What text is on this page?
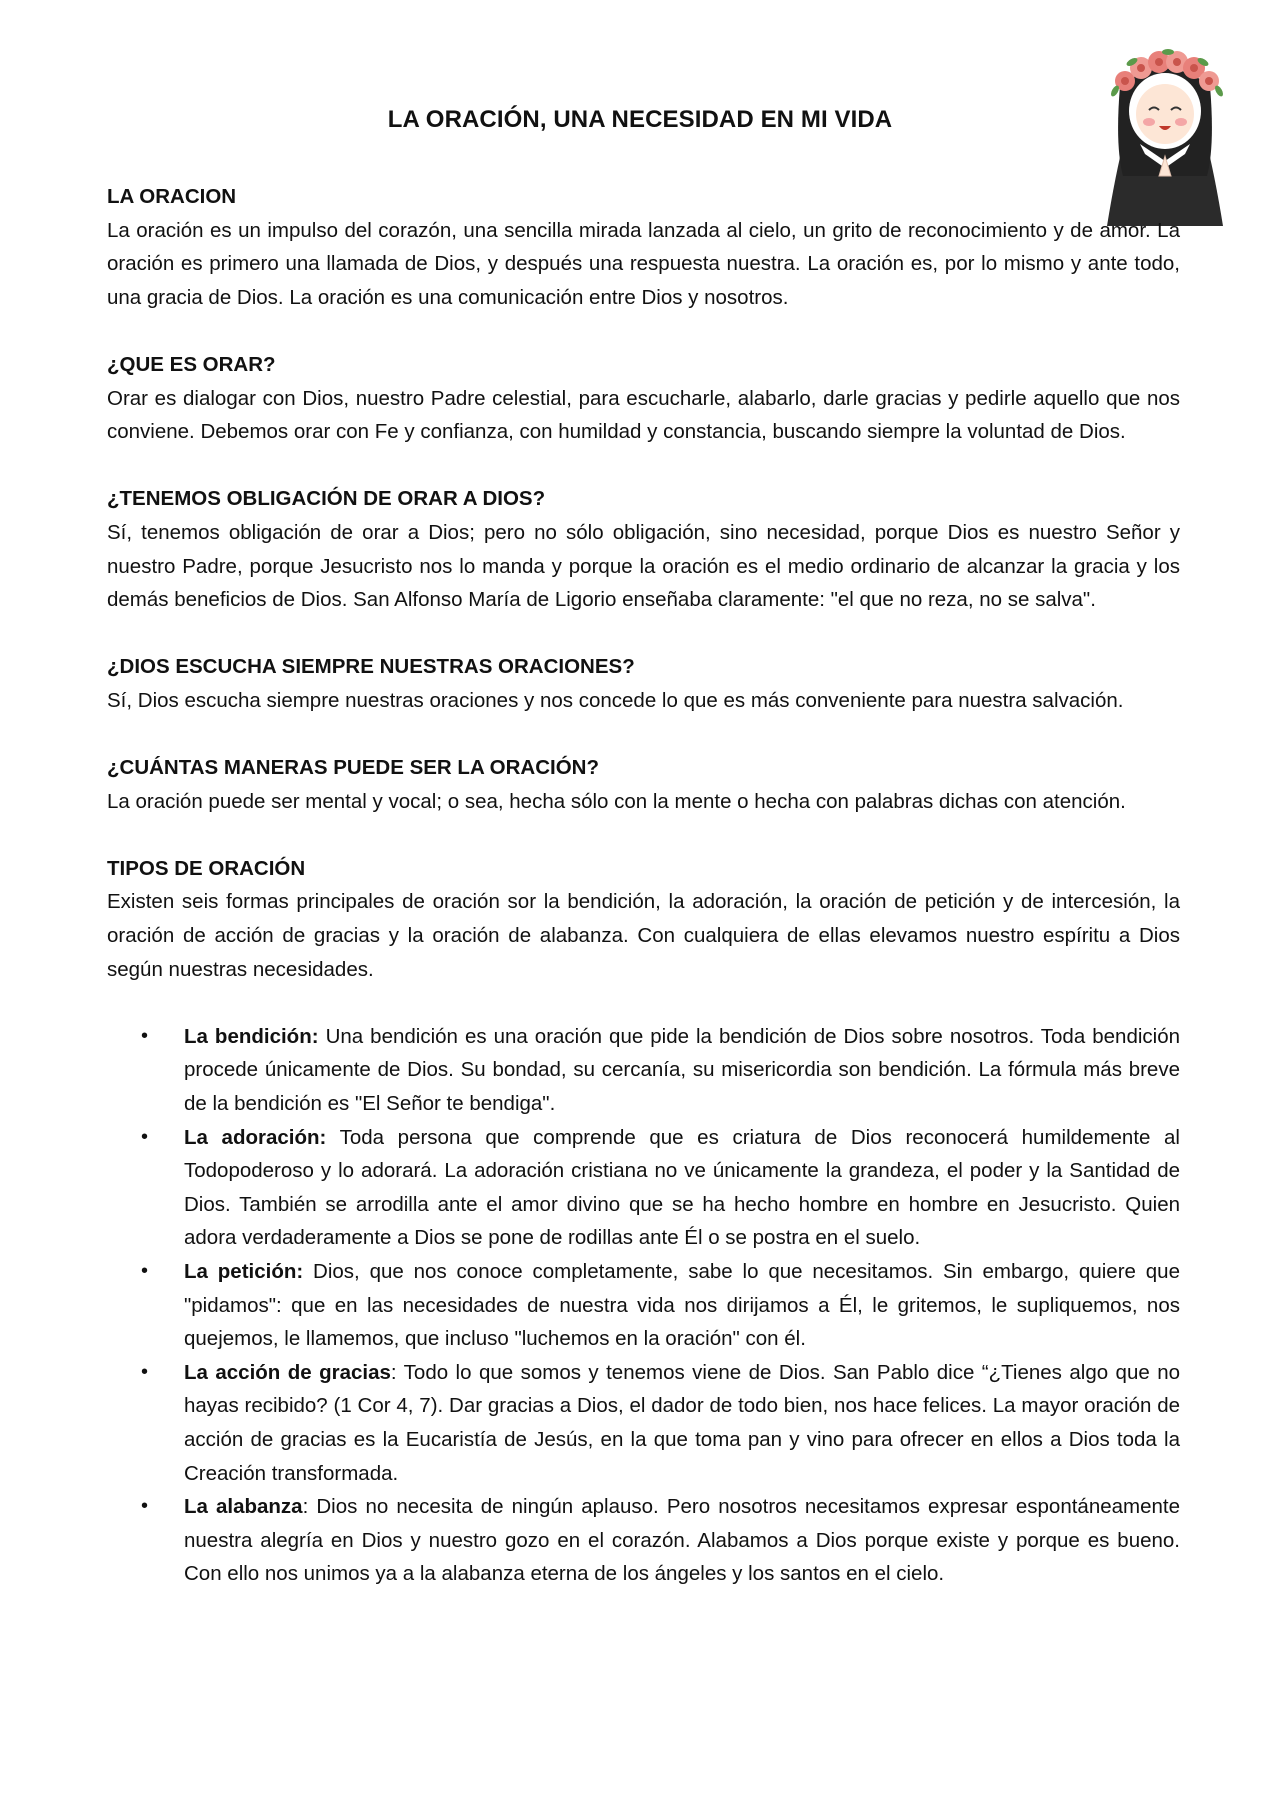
LA ORACIÓN, UNA NECESIDAD EN MI VIDA

LA ORACION

La oración es un impulso del corazón, una sencilla mirada lanzada al cielo, un grito de reconocimiento y de amor. La oración es primero una llamada de Dios, y después una respuesta nuestra. La oración es, por lo mismo y ante todo, una gracia de Dios. La oración es una comunicación entre Dios y nosotros.

¿QUE ES ORAR?

Orar es dialogar con Dios, nuestro Padre celestial, para escucharle, alabarlo, darle gracias y pedirle aquello que nos conviene. Debemos orar con Fe y confianza, con humildad y constancia, buscando siempre la voluntad de Dios.

¿TENEMOS OBLIGACIÓN DE ORAR A DIOS?

Sí, tenemos obligación de orar a Dios; pero no sólo obligación, sino necesidad, porque Dios es nuestro Señor y nuestro Padre, porque Jesucristo nos lo manda y porque la oración es el medio ordinario de alcanzar la gracia y los demás beneficios de Dios. San Alfonso María de Ligorio enseñaba claramente: "el que no reza, no se salva".

¿DIOS ESCUCHA SIEMPRE NUESTRAS ORACIONES?

Sí, Dios escucha siempre nuestras oraciones y nos concede lo que es más conveniente para nuestra salvación.

¿CUÁNTAS MANERAS PUEDE SER LA ORACIÓN?

La oración puede ser mental y vocal; o sea, hecha sólo con la mente o hecha con palabras dichas con atención.

TIPOS DE ORACIÓN

Existen seis formas principales de oración sor la bendición, la adoración, la oración de petición y de intercesión, la oración de acción de gracias y la oración de alabanza. Con cualquiera de ellas elevamos nuestro espíritu a Dios según nuestras necesidades.

• La bendición: Una bendición es una oración que pide la bendición de Dios sobre nosotros. Toda bendición procede únicamente de Dios. Su bondad, su cercanía, su misericordia son bendición. La fórmula más breve de la bendición es "El Señor te bendiga".
• La adoración: Toda persona que comprende que es criatura de Dios reconocerá humildemente al Todopoderoso y lo adorará. La adoración cristiana no ve únicamente la grandeza, el poder y la Santidad de Dios. También se arrodilla ante el amor divino que se ha hecho hombre en hombre en Jesucristo. Quien adora verdaderamente a Dios se pone de rodillas ante Él o se postra en el suelo.
• La petición: Dios, que nos conoce completamente, sabe lo que necesitamos. Sin embargo, quiere que "pidamos": que en las necesidades de nuestra vida nos dirijamos a Él, le gritemos, le supliquemos, nos quejemos, le llamemos, que incluso "luchemos en la oración" con él.
• La acción de gracias: Todo lo que somos y tenemos viene de Dios. San Pablo dice “¿Tienes algo que no hayas recibido? (1 Cor 4, 7). Dar gracias a Dios, el dador de todo bien, nos hace felices. La mayor oración de acción de gracias es la Eucaristía de Jesús, en la que toma pan y vino para ofrecer en ellos a Dios toda la Creación transformada.
• La alabanza: Dios no necesita de ningún aplauso. Pero nosotros necesitamos expresar espontáneamente nuestra alegría en Dios y nuestro gozo en el corazón. Alabamos a Dios porque existe y porque es bueno. Con ello nos unimos ya a la alabanza eterna de los ángeles y los santos en el cielo.
